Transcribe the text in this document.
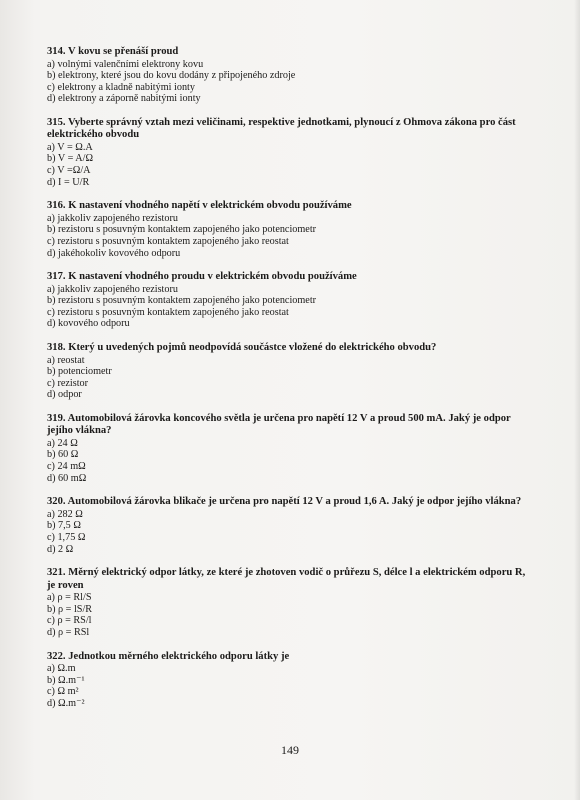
314. V kovu se přenáší proud
a) volnými valenčními elektrony kovu
b) elektrony, které jsou do kovu dodány z připojeného zdroje
c) elektrony a kladně nabitými ionty
d) elektrony a záporně nabitými ionty
315. Vyberte správný vztah mezi veličinami, respektive jednotkami, plynoucí z Ohmova zákona pro část elektrického obvodu
a) V = Ω.A
b) V = A/Ω
c) V =Ω/A
d) I = U/R
316. K nastavení vhodného napětí v elektrickém obvodu používáme
a) jakkoliv zapojeného rezistoru
b) rezistoru s posuvným kontaktem zapojeného jako potenciometr
c) rezistoru s posuvným kontaktem zapojeného jako reostat
d) jakéhokoliv kovového odporu
317. K nastavení vhodného proudu v elektrickém obvodu používáme
a) jakkoliv zapojeného rezistoru
b) rezistoru s posuvným kontaktem zapojeného jako potenciometr
c) rezistoru s posuvným kontaktem zapojeného jako reostat
d) kovového odporu
318. Který u uvedených pojmů neodpovídá součástce vložené do elektrického obvodu?
a) reostat
b) potenciometr
c) rezistor
d) odpor
319. Automobilová žárovka koncového světla je určena pro napětí 12 V a proud 500 mA. Jaký je odpor jejího vlákna?
a) 24 Ω
b) 60 Ω
c) 24 mΩ
d) 60 mΩ
320. Automobilová žárovka blikače je určena pro napětí 12 V a proud 1,6 A. Jaký je odpor jejího vlákna?
a) 282 Ω
b) 7,5 Ω
c) 1,75 Ω
d) 2 Ω
321. Měrný elektrický odpor látky, ze které je zhotoven vodič o průřezu S, délce l a elektrickém odporu R, je roven
a) ρ = Rl/S
b) ρ = lS/R
c) ρ = RS/l
d) ρ = RSl
322. Jednotkou měrného elektrického odporu látky je
a) Ω.m
b) Ω.m⁻¹
c) Ω m²
d) Ω.m⁻²
149
